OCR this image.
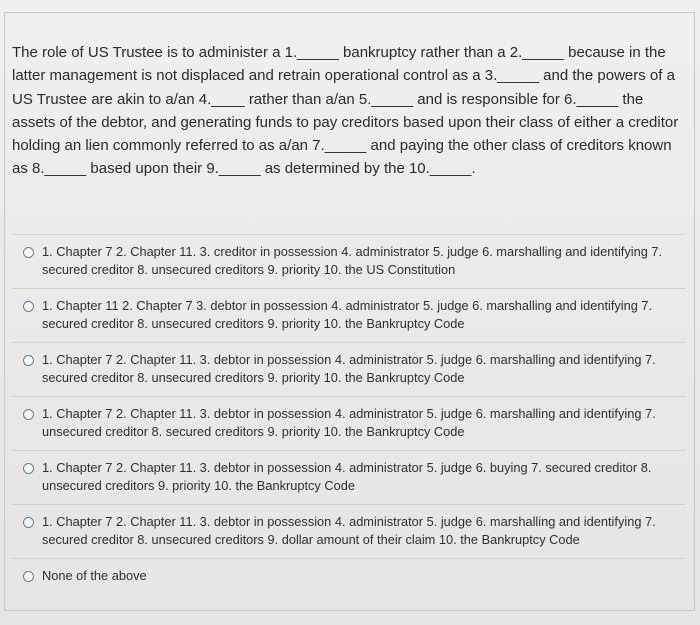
The role of US Trustee is to administer a 1._____ bankruptcy rather than a 2._____ because in the latter management is not displaced and retrain operational control as a 3._____ and the powers of a US Trustee are akin to a/an 4.____ rather than a/an 5._____ and is responsible for 6._____ the assets of the debtor, and generating funds to pay creditors based upon their class of either a creditor holding an lien commonly referred to as a/an 7._____ and paying the other class of creditors known as 8._____ based upon their 9._____ as determined by the 10._____.

1. Chapter 7 2. Chapter 11. 3. creditor in possession 4. administrator 5. judge 6. marshalling and identifying 7. secured creditor 8. unsecured creditors 9. priority 10. the US Constitution
1. Chapter 11 2. Chapter 7 3. debtor in possession 4. administrator 5. judge 6. marshalling and identifying 7. secured creditor 8. unsecured creditors 9. priority 10. the Bankruptcy Code
1. Chapter 7 2. Chapter 11. 3. debtor in possession 4. administrator 5. judge 6. marshalling and identifying 7. secured creditor 8. unsecured creditors 9. priority 10. the Bankruptcy Code
1. Chapter 7 2. Chapter 11. 3. debtor in possession 4. administrator 5. judge 6. marshalling and identifying 7. unsecured creditor 8. secured creditors 9. priority 10. the Bankruptcy Code
1. Chapter 7 2. Chapter 11. 3. debtor in possession 4. administrator 5. judge 6. buying 7. secured creditor 8. unsecured creditors 9. priority 10. the Bankruptcy Code
1. Chapter 7 2. Chapter 11. 3. debtor in possession 4. administrator 5. judge 6. marshalling and identifying 7. secured creditor 8. unsecured creditors 9. dollar amount of their claim 10. the Bankruptcy Code
None of the above
